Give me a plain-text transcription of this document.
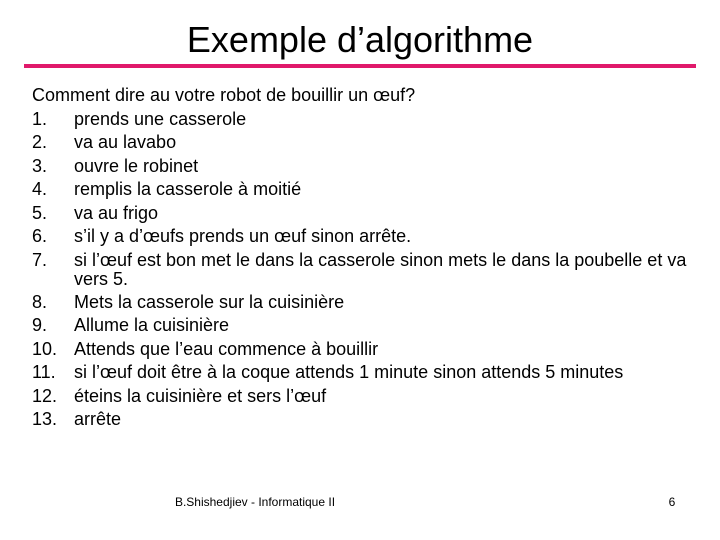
Exemple d’algorithme

Comment dire au votre robot de bouillir un œuf?

1.	prends une casserole
2.	va au lavabo
3.	ouvre le robinet
4.	remplis la casserole à moitié
5.	va au frigo
6.	s’il y a d’œufs prends un œuf sinon arrête.
7.	si l’œuf est bon met le dans la casserole sinon mets le dans la poubelle et va vers 5.
8.	Mets la casserole sur la cuisinière
9.	Allume la cuisinière
10. Attends que l’eau commence à bouillir
11.	si l’œuf doit être à la coque attends 1 minute sinon attends 5 minutes
12. éteins la cuisinière et sers l’œuf
13. arrête
B.Shishedjiev - Informatique II	6
